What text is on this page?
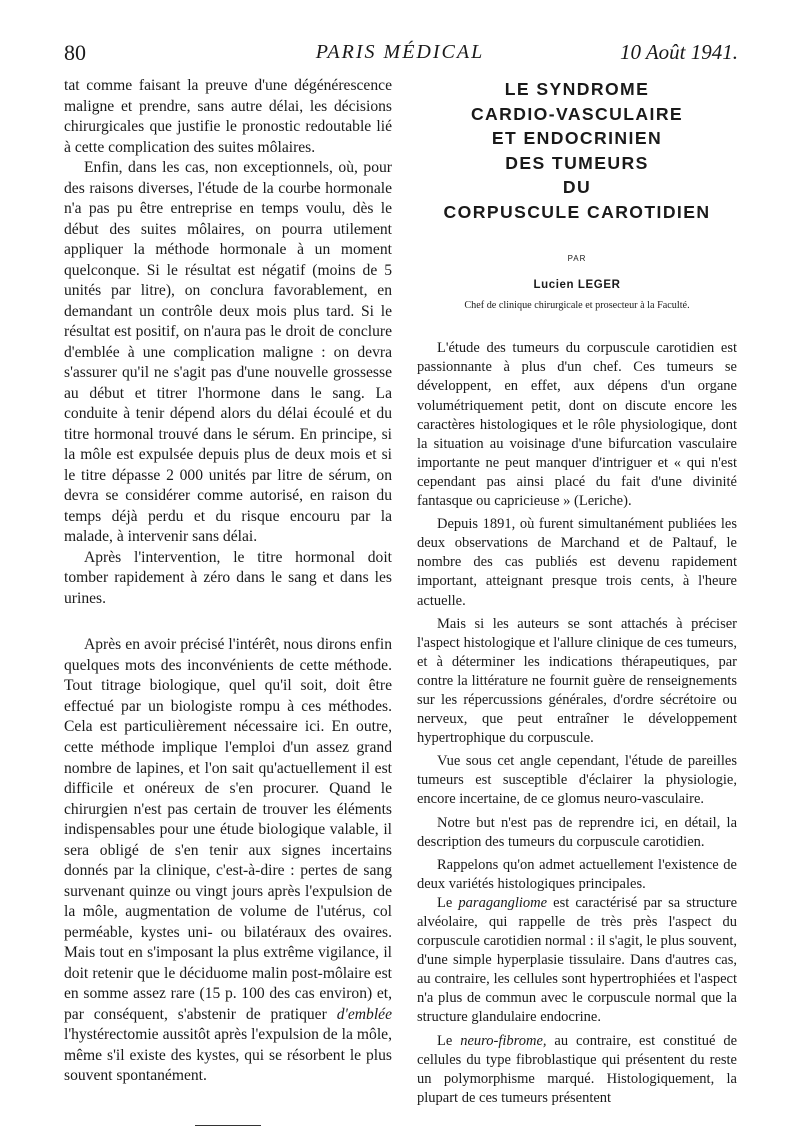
80	PARIS MÉDICAL	10 Août 1941.

tat comme faisant la preuve d'une dégénérescence maligne et prendre, sans autre délai, les décisions chirurgicales que justifie le pronostic redoutable lié à cette complication des suites môlaires.

Enfin, dans les cas, non exceptionnels, où, pour des raisons diverses, l'étude de la courbe hormonale n'a pas pu être entreprise en temps voulu, dès le début des suites môlaires, on pourra utilement appliquer la méthode hormonale à un moment quelconque. Si le résultat est négatif (moins de 5 unités par litre), on conclura favorablement, en demandant un contrôle deux mois plus tard. Si le résultat est positif, on n'aura pas le droit de conclure d'emblée à une complication maligne : on devra s'assurer qu'il ne s'agit pas d'une nouvelle grossesse au début et titrer l'hormone dans le sang. La conduite à tenir dépend alors du délai écoulé et du titre hormonal trouvé dans le sérum. En principe, si la môle est expulsée depuis plus de deux mois et si le titre dépasse 2 000 unités par litre de sérum, on devra se considérer comme autorisé, en raison du temps déjà perdu et du risque encouru par la malade, à intervenir sans délai.

Après l'intervention, le titre hormonal doit tomber rapidement à zéro dans le sang et dans les urines.

Après en avoir précisé l'intérêt, nous dirons enfin quelques mots des inconvénients de cette méthode. Tout titrage biologique, quel qu'il soit, doit être effectué par un biologiste rompu à ces méthodes. Cela est particulièrement nécessaire ici. En outre, cette méthode implique l'emploi d'un assez grand nombre de lapines, et l'on sait qu'actuellement il est difficile et onéreux de s'en procurer. Quand le chirurgien n'est pas certain de trouver les éléments indispensables pour une étude biologique valable, il sera obligé de s'en tenir aux signes incertains donnés par la clinique, c'est-à-dire : pertes de sang survenant quinze ou vingt jours après l'expulsion de la môle, augmentation de volume de l'utérus, col perméable, kystes uni- ou bilatéraux des ovaires. Mais tout en s'imposant la plus extrême vigilance, il doit retenir que le déciduome malin post-môlaire est en somme assez rare (15 p. 100 des cas environ) et, par conséquent, s'abstenir de pratiquer d'emblée l'hystérectomie aussitôt après l'expulsion de la môle, même s'il existe des kystes, qui se résorbent le plus souvent spontanément.

LE SYNDROME
CARDIO-VASCULAIRE
ET ENDOCRINIEN
DES TUMEURS
DU
CORPUSCULE CAROTIDIEN
PAR
Lucien LEGER
Chef de clinique chirurgicale et prosecteur à la Faculté.

L'étude des tumeurs du corpuscule carotidien est passionnante à plus d'un chef. Ces tumeurs se développent, en effet, aux dépens d'un organe volumétriquement petit, dont on discute encore les caractères histologiques et le rôle physiologique, dont la situation au voisinage d'une bifurcation vasculaire importante ne peut manquer d'intriguer et « qui n'est cependant pas ainsi placé du fait d'une divinité fantasque ou capricieuse » (Leriche).

Depuis 1891, où furent simultanément publiées les deux observations de Marchand et de Paltauf, le nombre des cas publiés est devenu rapidement important, atteignant presque trois cents, à l'heure actuelle.

Mais si les auteurs se sont attachés à préciser l'aspect histologique et l'allure clinique de ces tumeurs, et à déterminer les indications thérapeutiques, par contre la littérature ne fournit guère de renseignements sur les répercussions générales, d'ordre sécrétoire ou nerveux, que peut entraîner le développement hypertrophique du corpuscule.

Vue sous cet angle cependant, l'étude de pareilles tumeurs est susceptible d'éclairer la physiologie, encore incertaine, de ce glomus neuro-vasculaire.

Notre but n'est pas de reprendre ici, en détail, la description des tumeurs du corpuscule carotidien.

Rappelons qu'on admet actuellement l'existence de deux variétés histologiques principales.

Le paragangliome est caractérisé par sa structure alvéolaire, qui rappelle de très près l'aspect du corpuscule carotidien normal : il s'agit, le plus souvent, d'une simple hyperplasie tissulaire. Dans d'autres cas, au contraire, les cellules sont hypertrophiées et l'aspect n'a plus de commun avec le corpuscule normal que la structure glandulaire endocrine.

Le neuro-fibrome, au contraire, est constitué de cellules du type fibroblastique qui présentent du reste un polymorphisme marqué. Histologiquement, la plupart de ces tumeurs présentent
